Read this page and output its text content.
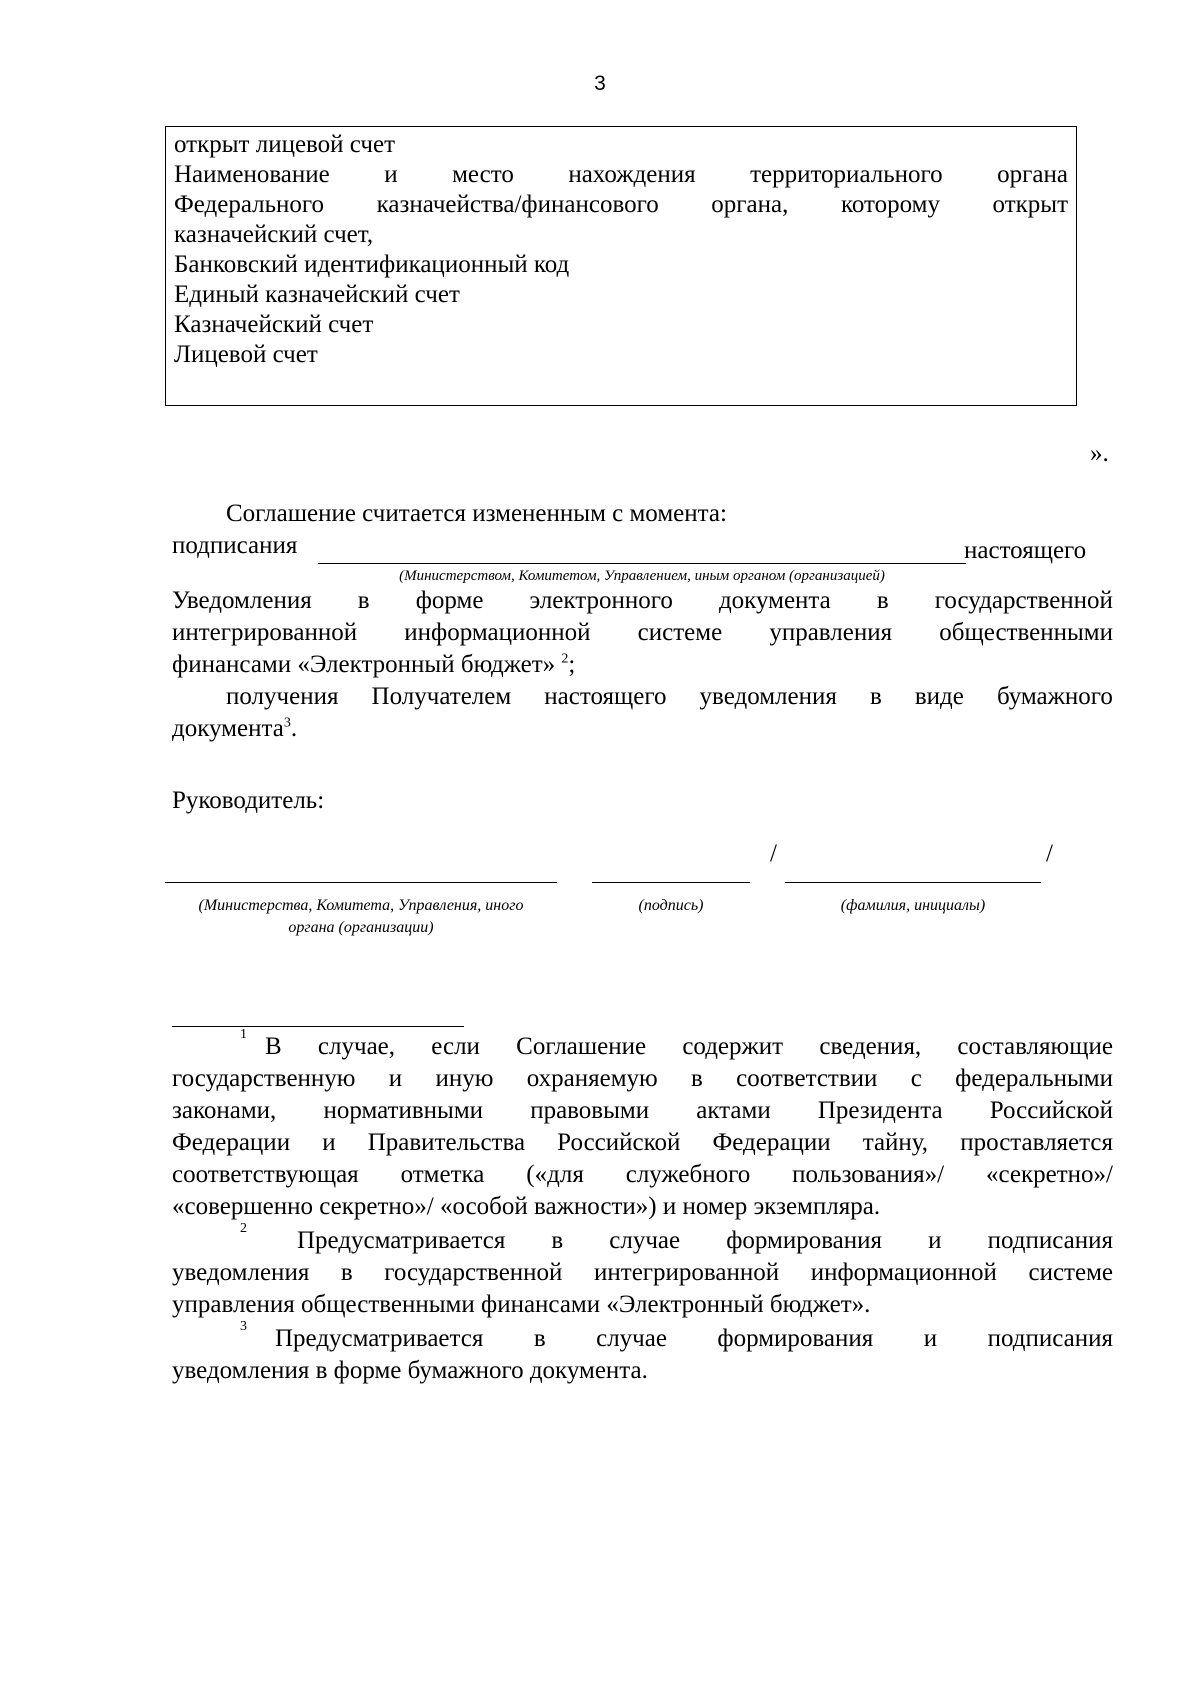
3
открыт лицевой счет
Наименование и место нахождения территориального органа
Федерального казначейства/финансового органа, которому открыт
казначейский счет,
Банковский идентификационный код
Единый казначейский счет
Казначейский счет
Лицевой счет
».
Соглашение считается измененным с момента:
подписания
(Министерством, Комитетом, Управлением, иным органом (организацией)
настоящего
Уведомления в форме электронного документа в государственной
интегрированной информационной системе управления общественными
финансами «Электронный бюджет» $^2$;
получения Получателем настоящего уведомления в виде бумажного
документа$^3$.
Руководитель:
/	/
(Министерства, Комитета, Управления, иного
органа (организации)
(подпись)	(фамилия, инициалы)
1 В случае, если Соглашение содержит сведения, составляющие
государственную и иную охраняемую в соответствии с федеральными
законами, нормативными правовыми актами Президента Российской
Федерации и Правительства Российской Федерации тайну, проставляется
соответствующая отметка («для служебного пользования»/ «секретно»/
«совершенно секретно»/ «особой важности») и номер экземпляра.
2 Предусматривается в случае формирования и подписания
уведомления в государственной интегрированной информационной системе
управления общественными финансами «Электронный бюджет».
3 Предусматривается в случае формирования и подписания
уведомления в форме бумажного документа.
